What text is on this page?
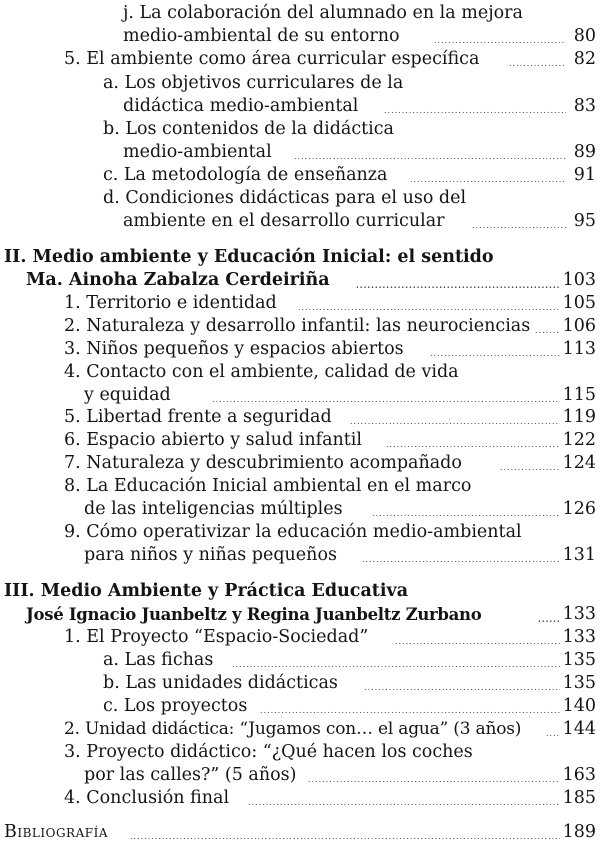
j. La colaboración del alumnado en la mejora
medio-ambiental de su entorno .....	80
5. El ambiente como área curricular específica .....	82
a. Los objetivos curriculares de la
didáctica medio-ambiental .....	83
b. Los contenidos de la didáctica
medio-ambiental .....	89
c. La metodología de enseñanza .....	91
d. Condiciones didácticas para el uso del
ambiente en el desarrollo curricular .....	95
II. Medio ambiente y Educación Inicial: el sentido
Ma. Ainoha Zabalza Cerdeiriña .....	103
1. Territorio e identidad .....	105
2. Naturaleza y desarrollo infantil: las neurociencias ..... 106
3. Niños pequeños y espacios abiertos .....	113
4. Contacto con el ambiente, calidad de vida
y equidad .....	115
5. Libertad frente a seguridad .....	119
6. Espacio abierto y salud infantil .....	122
7. Naturaleza y descubrimiento acompañado .....	124
8. La Educación Inicial ambiental en el marco
de las inteligencias múltiples .....	126
9. Cómo operativizar la educación medio-ambiental
para niños y niñas pequeños .....	131
III. Medio Ambiente y Práctica Educativa
José Ignacio Juanbeltz y Regina Juanbeltz Zurbano .....	133
1. El Proyecto “Espacio-Sociedad” .....	133
a. Las fichas .....	135
b. Las unidades didácticas .....	135
c. Los proyectos .....	140
2. Unidad didáctica: “Jugamos con… el agua” (3 años) ..... 144
3. Proyecto didáctico: “¿Qué hacen los coches
por las calles?” (5 años) .....	163
4. Conclusión final .....	185
Bibliografía .....	189
